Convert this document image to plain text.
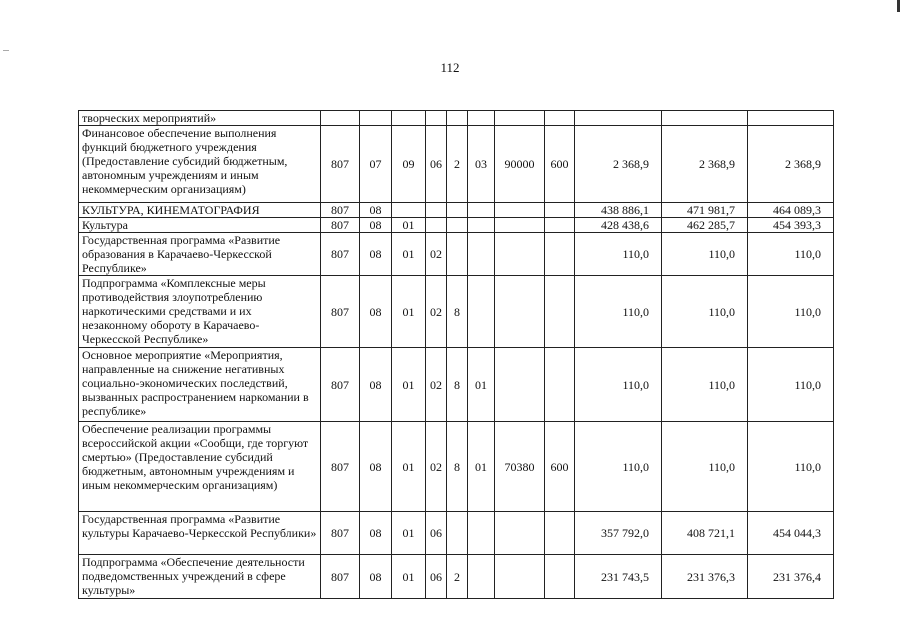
112
творческих мероприятий»											
Финансовое обеспечение выполнения функций бюджетного учреждения (Предоставление субсидий бюджетным, автономным учреждениям и иным некоммерческим организациям)	807	07	09	06	2	03	90000	600	2 368,9	2 368,9	2 368,9
КУЛЬТУРА, КИНЕМАТОГРАФИЯ	807	08							438 886,1	471 981,7	464 089,3
Культура	807	08	01						428 438,6	462 285,7	454 393,3
Государственная программа «Развитие образования в Карачаево-Черкесской Республике»	807	08	01	02					110,0	110,0	110,0
Подпрограмма «Комплексные меры противодействия злоупотреблению наркотическими средствами и их незаконному обороту в Карачаево-Черкесской Республике»	807	08	01	02	8				110,0	110,0	110,0
Основное мероприятие «Мероприятия, направленные на снижение негативных социально-экономических последствий, вызванных распространением наркомании в республике»	807	08	01	02	8	01			110,0	110,0	110,0
Обеспечение реализации программы всероссийской акции «Сообщи, где торгуют смертью» (Предоставление субсидий бюджетным, автономным учреждениям и иным некоммерческим организациям)	807	08	01	02	8	01	70380	600	110,0	110,0	110,0
Государственная программа «Развитие культуры Карачаево-Черкесской Республики»	807	08	01	06					357 792,0	408 721,1	454 044,3
Подпрограмма «Обеспечение деятельности подведомственных учреждений в сфере культуры»	807	08	01	06	2				231 743,5	231 376,3	231 376,4
